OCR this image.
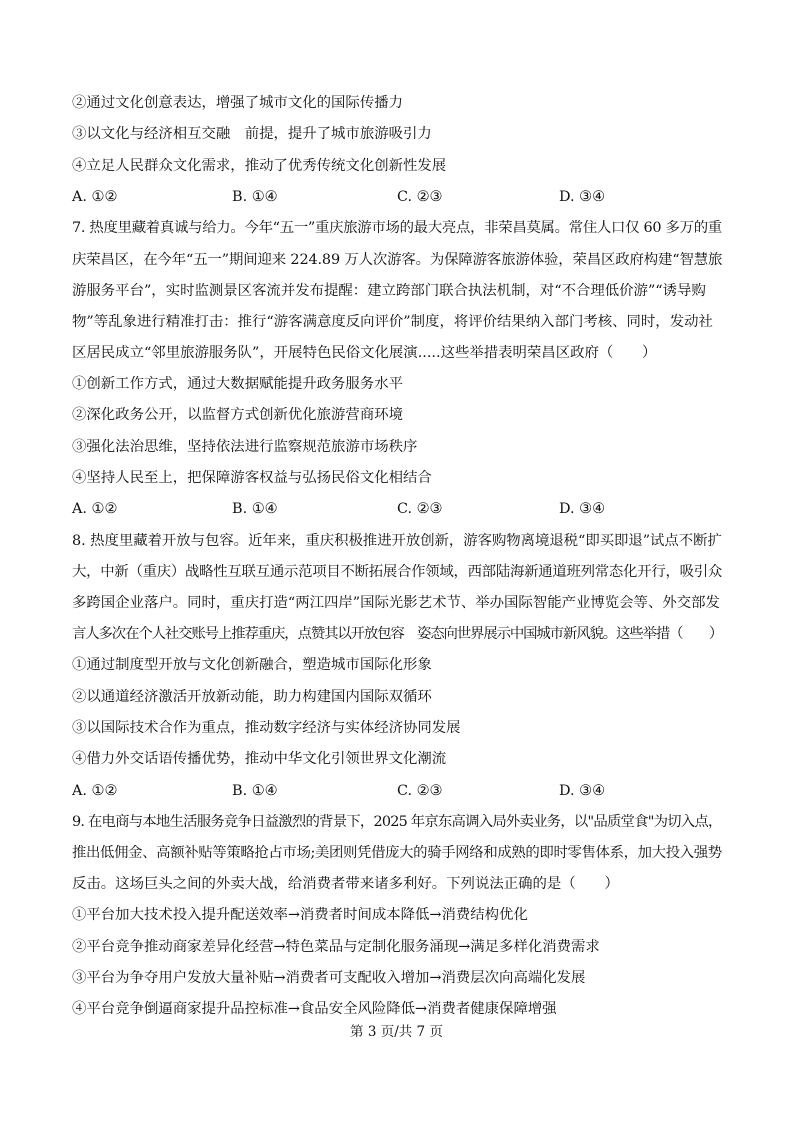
②通过文化创意表达，增强了城市文化的国际传播力
③以文化与经济相互交融　前提，提升了城市旅游吸引力
④立足人民群众文化需求，推动了优秀传统文化创新性发展
A. ①②	B. ①④	C. ②③	D. ③④
7. 热度里藏着真诚与给力。今年“五一”重庆旅游市场的最大亮点，非荣昌莫属。常住人口仅 60 多万的重
庆荣昌区，在今年“五一”期间迎来 224.89 万人次游客。为保障游客旅游体验，荣昌区政府构建“智慧旅
游服务平台”，实时监测景区客流并发布提醒：建立跨部门联合执法机制，对“不合理低价游”“诱导购
物”等乱象进行精准打击：推行“游客满意度反向评价”制度，将评价结果纳入部门考核、同时，发动社
区居民成立“邻里旅游服务队”，开展特色民俗文化展演.....这些举措表明荣昌区政府（　　）
①创新工作方式，通过大数据赋能提升政务服务水平
②深化政务公开，以监督方式创新优化旅游营商环境
③强化法治思维，坚持依法进行监察规范旅游市场秩序
④坚持人民至上，把保障游客权益与弘扬民俗文化相结合
A. ①②	B. ①④	C. ②③	D. ③④
8. 热度里藏着开放与包容。近年来，重庆积极推进开放创新，游客购物离境退税“即买即退”试点不断扩
大，中新（重庆）战略性互联互通示范项目不断拓展合作领域，西部陆海新通道班列常态化开行，吸引众
多跨国企业落户。同时，重庆打造“两江四岸”国际光影艺术节、举办国际智能产业博览会等、外交部发
言人多次在个人社交账号上推荐重庆，点赞其以开放包容　姿态向世界展示中国城市新风貌。这些举措（　　）
①通过制度型开放与文化创新融合，塑造城市国际化形象
②以通道经济激活开放新动能，助力构建国内国际双循环
③以国际技术合作为重点，推动数字经济与实体经济协同发展
④借力外交话语传播优势，推动中华文化引领世界文化潮流
A. ①②	B. ①④	C. ②③	D. ③④
9. 在电商与本地生活服务竞争日益激烈的背景下，2025 年京东高调入局外卖业务，以"品质堂食"为切入点，
推出低佣金、高额补贴等策略抢占市场;美团则凭借庞大的骑手网络和成熟的即时零售体系，加大投入强势
反击。这场巨头之间的外卖大战，给消费者带来诸多利好。下列说法正确的是（　　）
①平台加大技术投入提升配送效率→消费者时间成本降低→消费结构优化
②平台竞争推动商家差异化经营→特色菜品与定制化服务涌现→满足多样化消费需求
③平台为争夺用户发放大量补贴→消费者可支配收入增加→消费层次向高端化发展
④平台竞争倒逼商家提升品控标准→食品安全风险降低→消费者健康保障增强
第 3 页/共 7 页
